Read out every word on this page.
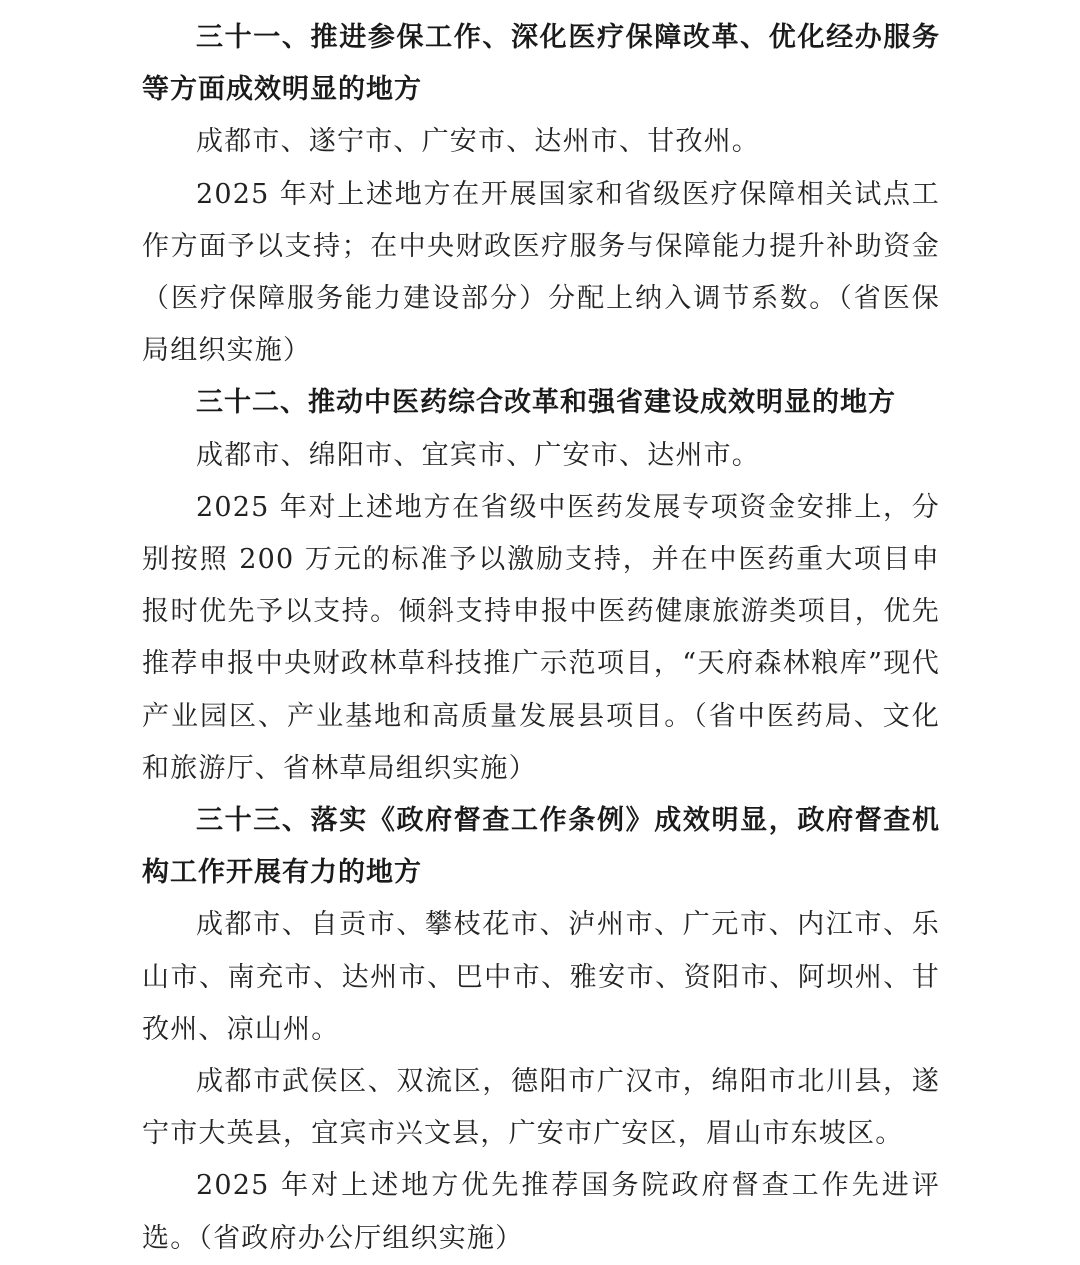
三十一、推进参保工作、深化医疗保障改革、优化经办服务等方面成效明显的地方

成都市、遂宁市、广安市、达州市、甘孜州。

2025 年对上述地方在开展国家和省级医疗保障相关试点工作方面予以支持；在中央财政医疗服务与保障能力提升补助资金（医疗保障服务能力建设部分）分配上纳入调节系数。（省医保局组织实施）

三十二、推动中医药综合改革和强省建设成效明显的地方

成都市、绵阳市、宜宾市、广安市、达州市。

2025 年对上述地方在省级中医药发展专项资金安排上，分别按照 200 万元的标准予以激励支持，并在中医药重大项目申报时优先予以支持。倾斜支持申报中医药健康旅游类项目，优先推荐申报中央财政林草科技推广示范项目，“天府森林粮库”现代产业园区、产业基地和高质量发展县项目。（省中医药局、文化和旅游厅、省林草局组织实施）

三十三、落实《政府督查工作条例》成效明显，政府督查机构工作开展有力的地方

成都市、自贡市、攀枝花市、泸州市、广元市、内江市、乐山市、南充市、达州市、巴中市、雅安市、资阳市、阿坝州、甘孜州、凉山州。

成都市武侯区、双流区，德阳市广汉市，绵阳市北川县，遂宁市大英县，宜宾市兴文县，广安市广安区，眉山市东坡区。

2025 年对上述地方优先推荐国务院政府督查工作先进评选。（省政府办公厅组织实施）
